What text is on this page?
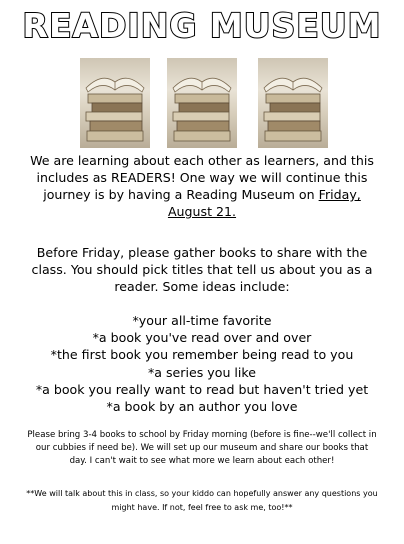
READING MUSEUM
We are learning about each other as learners, and this includes as READERS! One way we will continue this journey is by having a Reading Museum on Friday, August 21.
Before Friday, please gather books to share with the class. You should pick titles that tell us about you as a reader. Some ideas include:
*your all-time favorite
*a book you've read over and over
*the first book you remember being read to you
*a series you like
*a book you really want to read but haven't tried yet
*a book by an author you love
Please bring 3-4 books to school by Friday morning (before is fine--we'll collect in our cubbies if need be). We will set up our museum and share our books that day. I can't wait to see what more we learn about each other!
**We will talk about this in class, so your kiddo can hopefully answer any questions you might have. If not, feel free to ask me, too!**
